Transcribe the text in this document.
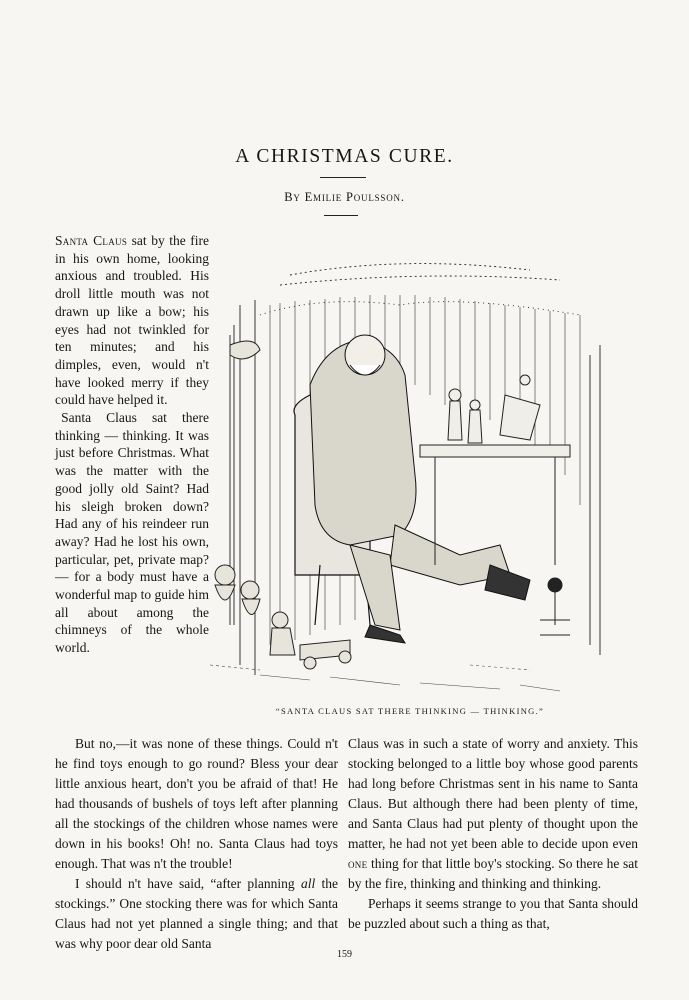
A CHRISTMAS CURE.
By Emilie Poulsson.

Santa Claus sat by the fire in his own home, looking anxious and troubled. His droll little mouth was not drawn up like a bow; his eyes had not twinkled for ten minutes; and his dimples, even, would n't have looked merry if they could have helped it.

Santa Claus sat there thinking — thinking. It was just before Christmas. What was the matter with the good jolly old Saint? Had his sleigh broken down? Had any of his reindeer run away? Had he lost his own, particular, pet, private map? — for a body must have a wonderful map to guide him all about among the chimneys of the whole world.

“SANTA CLAUS SAT THERE THINKING — THINKING.”

But no,—it was none of these things. Could n't he find toys enough to go round? Bless your dear little anxious heart, don't you be afraid of that! He had thousands of bushels of toys left after planning all the stockings of the children whose names were down in his books! Oh! no. Santa Claus had toys enough. That was n't the trouble!

I should n't have said, “after planning all the stockings.” One stocking there was for which Santa Claus had not yet planned a single thing; and that was why poor dear old Santa

Claus was in such a state of worry and anxiety. This stocking belonged to a little boy whose good parents had long before Christmas sent in his name to Santa Claus. But although there had been plenty of time, and Santa Claus had put plenty of thought upon the matter, he had not yet been able to decide upon even one thing for that little boy's stocking. So there he sat by the fire, thinking and thinking and thinking.

Perhaps it seems strange to you that Santa should be puzzled about such a thing as that,

159
